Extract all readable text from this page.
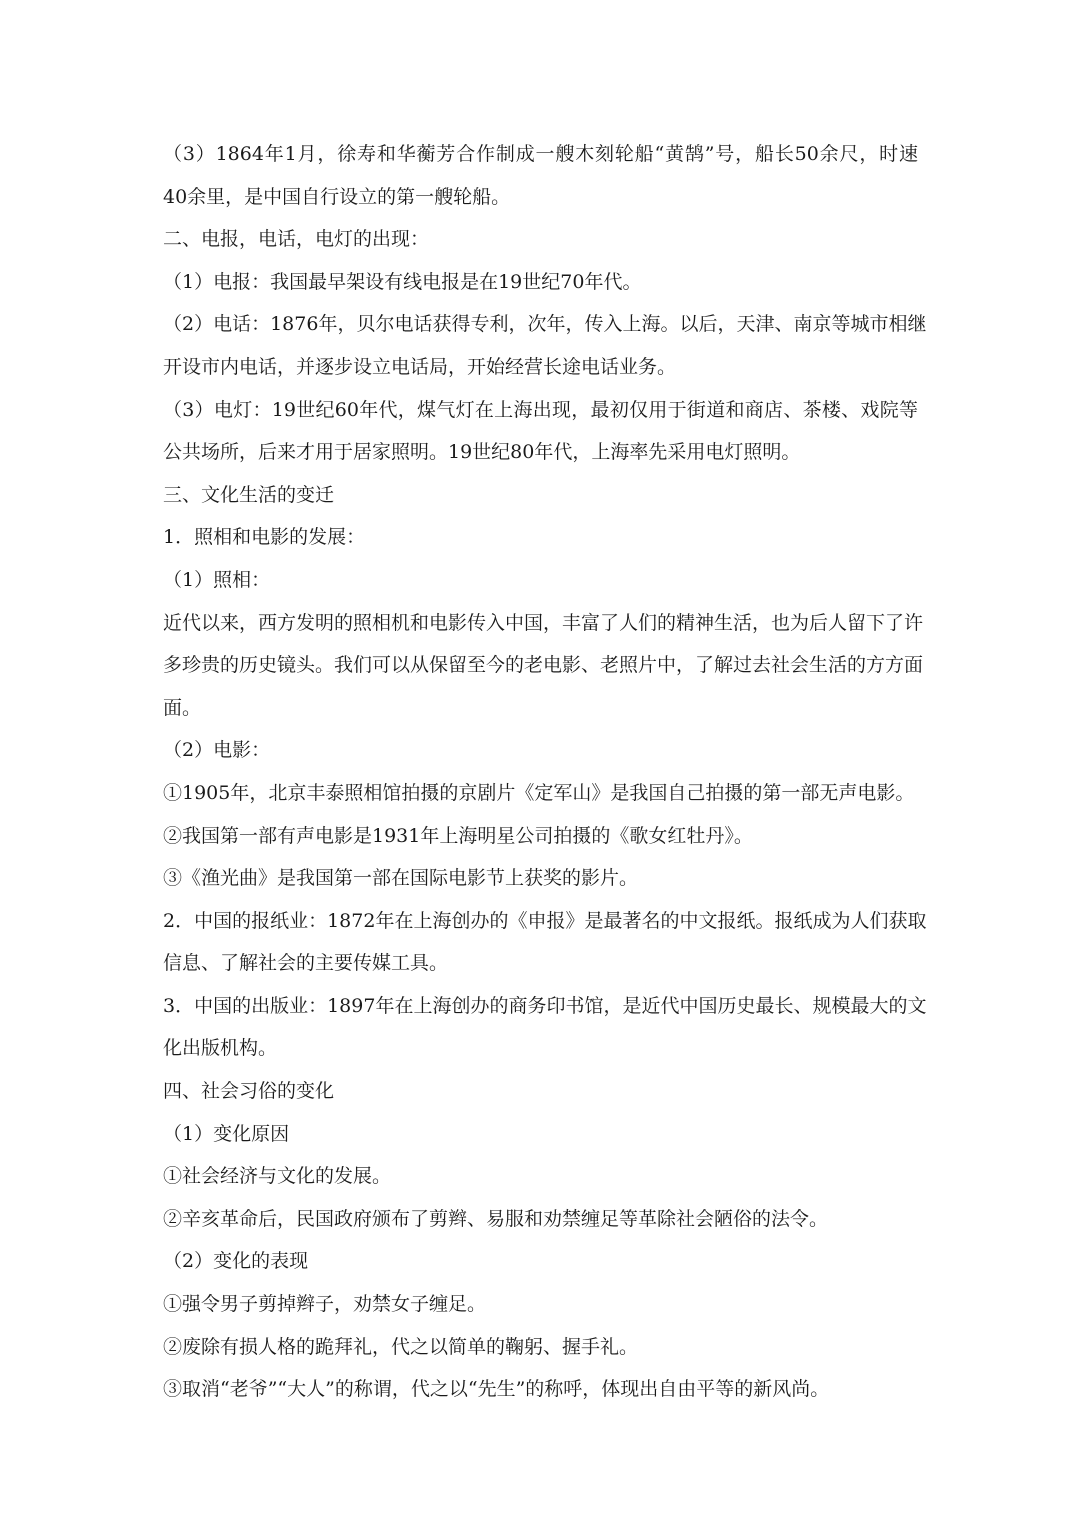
（3）1864年1月，徐寿和华蘅芳合作制成一艘木刻轮船“黄鹄”号，船长50余尺，时速

40余里，是中国自行设立的第一艘轮船。

二、电报，电话，电灯的出现：

（1）电报：我国最早架设有线电报是在19世纪70年代。

（2）电话：1876年，贝尔电话获得专利，次年，传入上海。以后，天津、南京等城市相继

开设市内电话，并逐步设立电话局，开始经营长途电话业务。

（3）电灯：19世纪60年代，煤气灯在上海出现，最初仅用于街道和商店、茶楼、戏院等

公共场所，后来才用于居家照明。19世纪80年代，上海率先采用电灯照明。

三、文化生活的变迁

1．照相和电影的发展：

（1）照相：

近代以来，西方发明的照相机和电影传入中国，丰富了人们的精神生活，也为后人留下了许

多珍贵的历史镜头。我们可以从保留至今的老电影、老照片中，了解过去社会生活的方方面

面。

（2）电影：

①1905年，北京丰泰照相馆拍摄的京剧片《定军山》是我国自己拍摄的第一部无声电影。

②我国第一部有声电影是1931年上海明星公司拍摄的《歌女红牡丹》。

③《渔光曲》是我国第一部在国际电影节上获奖的影片。

2．中国的报纸业：1872年在上海创办的《申报》是最著名的中文报纸。报纸成为人们获取

信息、了解社会的主要传媒工具。

3．中国的出版业：1897年在上海创办的商务印书馆，是近代中国历史最长、规模最大的文

化出版机构。

四、社会习俗的变化

（1）变化原因

①社会经济与文化的发展。

②辛亥革命后，民国政府颁布了剪辫、易服和劝禁缠足等革除社会陋俗的法令。

（2）变化的表现

①强令男子剪掉辫子，劝禁女子缠足。

②废除有损人格的跪拜礼，代之以简单的鞠躬、握手礼。

③取消“老爷”“大人”的称谓，代之以“先生”的称呼，体现出自由平等的新风尚。
